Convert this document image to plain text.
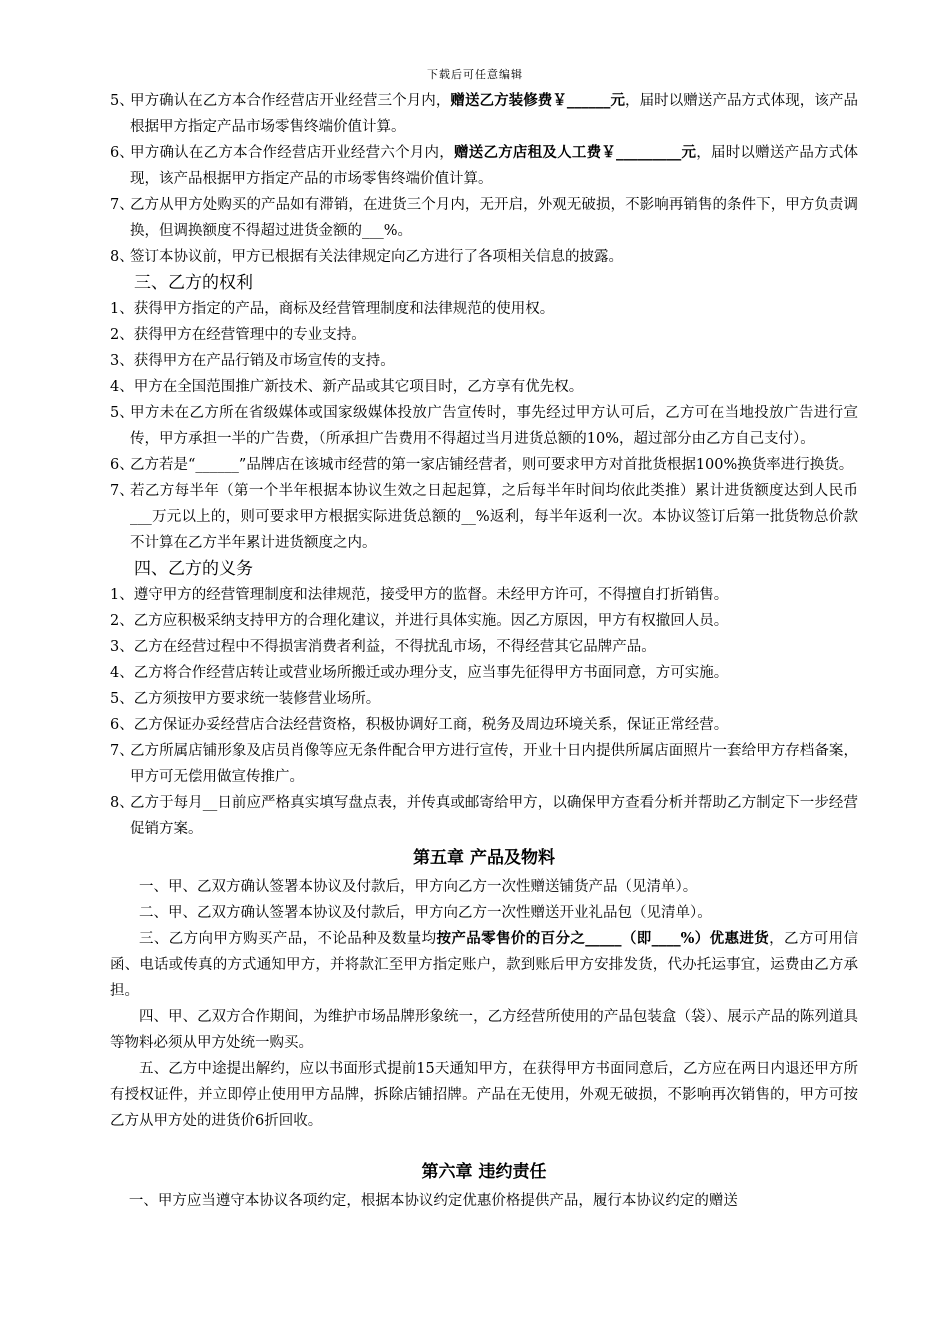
下载后可任意编辑

5、
甲方确认在乙方本合作经营店开业经营三个月内，赠送乙方装修费￥______元，届时以赠送产品方式体现，该产品根据甲方指定产品市场零售终端价值计算。

6、
甲方确认在乙方本合作经营店开业经营六个月内，赠送乙方店租及人工费￥_________元，届时以赠送产品方式体现，该产品根据甲方指定产品的市场零售终端价值计算。

7、
乙方从甲方处购买的产品如有滞销，在进货三个月内，无开启，外观无破损，不影响再销售的条件下，甲方负责调换，但调换额度不得超过进货金额的___%。

8、
签订本协议前，甲方已根据有关法律规定向乙方进行了各项相关信息的披露。

三、乙方的权利

1、获得甲方指定的产品，商标及经营管理制度和法律规范的使用权。

2、获得甲方在经营管理中的专业支持。

3、获得甲方在产品行销及市场宣传的支持。

4、甲方在全国范围推广新技术、新产品或其它项目时，乙方享有优先权。

5、
甲方未在乙方所在省级媒体或国家级媒体投放广告宣传时，事先经过甲方认可后，乙方可在当地投放广告进行宣传，甲方承担一半的广告费，（所承担广告费用不得超过当月进货总额的10%，超过部分由乙方自己支付）。

6、
乙方若是“______”品牌店在该城市经营的第一家店铺经营者，则可要求甲方对首批货根据100%换货率进行换货。

7、
若乙方每半年（第一个半年根据本协议生效之日起起算，之后每半年时间均依此类推）累计进货额度达到人民币___万元以上的，则可要求甲方根据实际进货总额的__%返利，每半年返利一次。本协议签订后第一批货物总价款不计算在乙方半年累计进货额度之内。

四、乙方的义务

1、遵守甲方的经营管理制度和法律规范，接受甲方的监督。未经甲方许可，不得擅自打折销售。

2、乙方应积极采纳支持甲方的合理化建议，并进行具体实施。因乙方原因，甲方有权撤回人员。

3、乙方在经营过程中不得损害消费者利益，不得扰乱市场，不得经营其它品牌产品。

4、乙方将合作经营店转让或营业场所搬迁或办理分支，应当事先征得甲方书面同意，方可实施。

5、乙方须按甲方要求统一装修营业场所。

6、乙方保证办妥经营店合法经营资格，积极协调好工商，税务及周边环境关系，保证正常经营。

7、
乙方所属店铺形象及店员肖像等应无条件配合甲方进行宣传，开业十日内提供所属店面照片一套给甲方存档备案，甲方可无偿用做宣传推广。

8、
乙方于每月__日前应严格真实填写盘点表，并传真或邮寄给甲方，以确保甲方查看分析并帮助乙方制定下一步经营促销方案。

第五章 产品及物料

一、甲、乙双方确认签署本协议及付款后，甲方向乙方一次性赠送铺货产品（见清单）。

二、甲、乙双方确认签署本协议及付款后，甲方向乙方一次性赠送开业礼品包（见清单）。

三、乙方向甲方购买产品，不论品种及数量均按产品零售价的百分之_____（即____%）优惠进货，乙方可用信函、电话或传真的方式通知甲方，并将款汇至甲方指定账户，款到账后甲方安排发货，代办托运事宜，运费由乙方承担。

四、甲、乙双方合作期间，为维护市场品牌形象统一，乙方经营所使用的产品包装盒（袋）、展示产品的陈列道具等物料必须从甲方处统一购买。

五、乙方中途提出解约，应以书面形式提前15天通知甲方，在获得甲方书面同意后，乙方应在两日内退还甲方所有授权证件，并立即停止使用甲方品牌，拆除店铺招牌。产品在无使用，外观无破损，不影响再次销售的，甲方可按乙方从甲方处的进货价6折回收。

第六章 违约责任

一、甲方应当遵守本协议各项约定，根据本协议约定优惠价格提供产品，履行本协议约定的赠送
